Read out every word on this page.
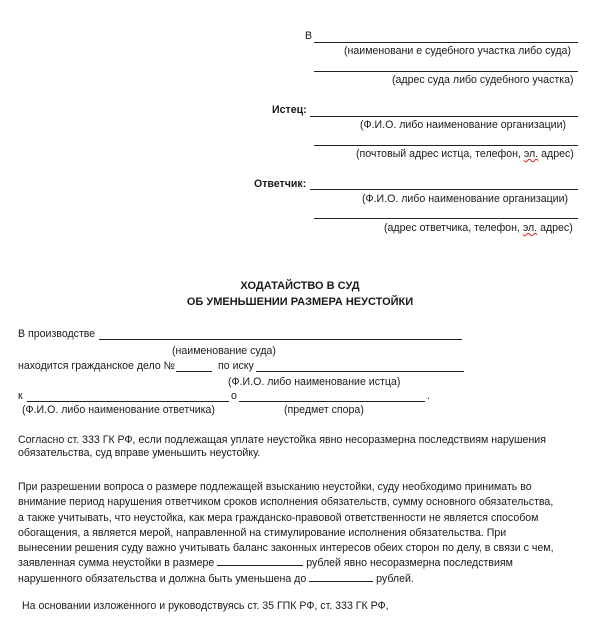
В
(наименовани е судебного участка либо суда)
(адрес суда либо судебного участка)
Истец:
(Ф.И.О. либо наименование организации)
(почтовый адрес истца, телефон, эл. адрес)
Ответчик:
(Ф.И.О. либо наименование организации)
(адрес ответчика, телефон, эл. адрес)
ХОДАТАЙСТВО В СУД
ОБ УМЕНЬШЕНИИ РАЗМЕРА НЕУСТОЙКИ
В производстве
(наименование суда)
находится гражданское дело №	по иску
(Ф.И.О. либо наименование истца)
к	о	.
(Ф.И.О. либо наименование ответчика)	(предмет спора)
Согласно ст. 333 ГК РФ, если подлежащая уплате неустойка явно несоразмерна последствиям нарушения
обязательства, суд вправе уменьшить неустойку.
При разрешении вопроса о размере подлежащей взысканию неустойки, суду необходимо принимать во
внимание период нарушения ответчиком сроков исполнения обязательств, сумму основного обязательства,
а также учитывать, что неустойка, как мера гражданско-правовой ответственности не является способом
обогащения, а является мерой, направленной на стимулирование исполнения обязательства. При
вынесении решения суду важно учитывать баланс законных интересов обеих сторон по делу, в связи с чем,
заявленная сумма неустойки в размере	рублей явно несоразмерна последствиям
нарушенного обязательства и должна быть уменьшена до	рублей.
На основании изложенного и руководствуясь ст. 35 ГПК РФ, ст. 333 ГК РФ,
